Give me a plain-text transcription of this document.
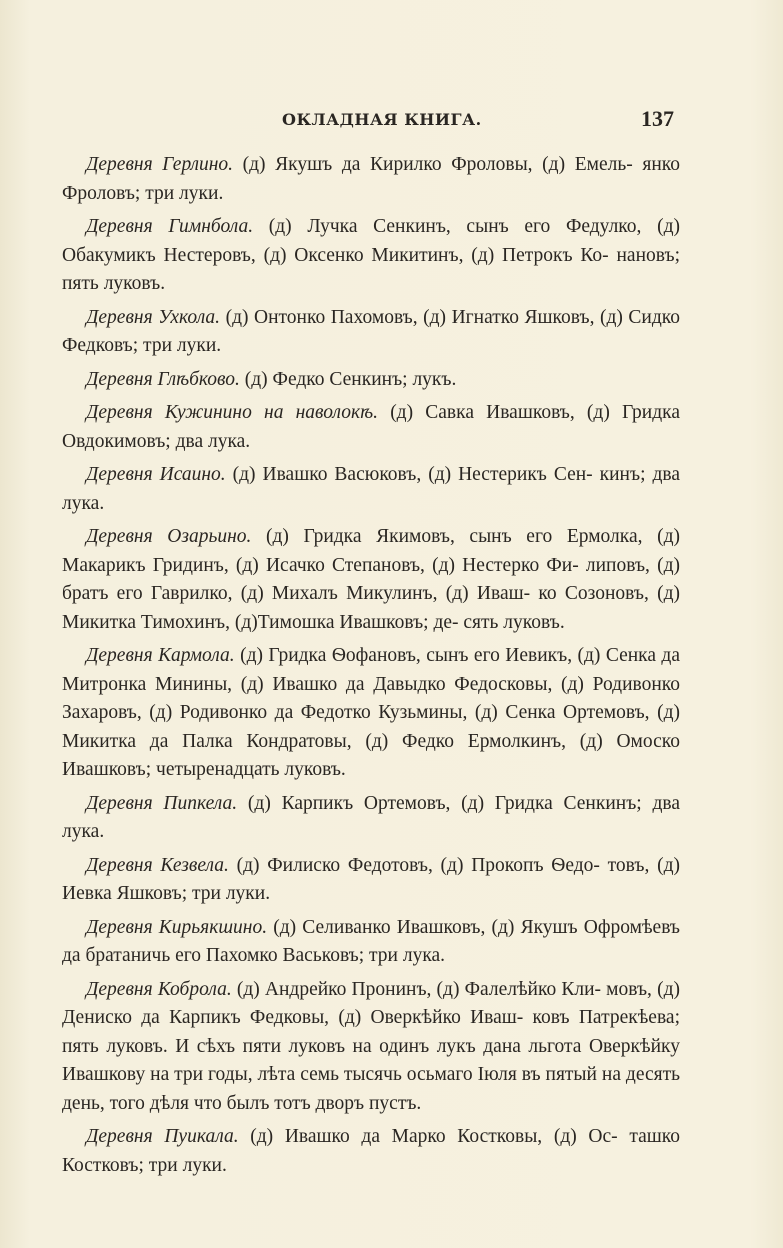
ОКЛАДНАЯ КНИГА.	137

Деревня Герлино. (д) Якушъ да Кирилко Фроловы, (д) Емель- янко Фроловъ; три луки.

Деревня Гимнбола. (д) Лучка Сенкинъ, сынъ его Федулко, (д) Обакумикъ Нестеровъ, (д) Оксенко Микитинъ, (д) Петрокъ Ко- нановъ; пять луковъ.

Деревня Ухкола. (д) Онтонко Пахомовъ, (д) Игнатко Яшковъ, (д) Сидко Федковъ; три луки.

Деревня Глѣбково. (д) Федко Сенкинъ; лукъ.

Деревня Кужинино на наволокѣ. (д) Савка Ивашковъ, (д) Гридка Овдокимовъ; два лука.

Деревня Исаино. (д) Ивашко Васюковъ, (д) Нестерикъ Сен- кинъ; два лука.

Деревня Озарьино. (д) Гридка Якимовъ, сынъ его Ермолка, (д) Макарикъ Гридинъ, (д) Исачко Степановъ, (д) Нестерко Фи- липовъ, (д) братъ его Гаврилко, (д) Михалъ Микулинъ, (д) Иваш- ко Созоновъ, (д) Микитка Тимохинъ, (д)Тимошка Ивашковъ; де- сять луковъ.

Деревня Кармола. (д) Гридка Ѳофановъ, сынъ его Иевикъ, (д) Сенка да Митронка Минины, (д) Ивашко да Давыдко Федосковы, (д) Родивонко Захаровъ, (д) Родивонко да Федотко Кузьмины, (д) Сенка Ортемовъ, (д) Микитка да Палка Кондратовы, (д) Федко Ермолкинъ, (д) Омоско Ивашковъ; четыренадцать луковъ.

Деревня Пипкела. (д) Карпикъ Ортемовъ, (д) Гридка Сенкинъ; два лука.

Деревня Кезвела. (д) Филиско Федотовъ, (д) Прокопъ Ѳедо- товъ, (д) Иевка Яшковъ; три луки.

Деревня Кирьякшино. (д) Селиванко Ивашковъ, (д) Якушъ Офромѣевъ да братаничь его Пахомко Васьковъ; три лука.

Деревня Коброла. (д) Андрейко Пронинъ, (д) Фалелѣйко Кли- мовъ, (д) Дениско да Карпикъ Федковы, (д) Оверкѣйко Иваш- ковъ Патрекѣева; пять луковъ. И сѣхъ пяти луковъ на одинъ лукъ дана льгота Оверкѣйку Ивашкову на три годы, лѣта семь тысячь осьмаго Іюля въ пятый на десять день, того дѣля что былъ тотъ дворъ пустъ.

Деревня Пуикала. (д) Ивашко да Марко Костковы, (д) Ос- ташко Костковъ; три луки.
